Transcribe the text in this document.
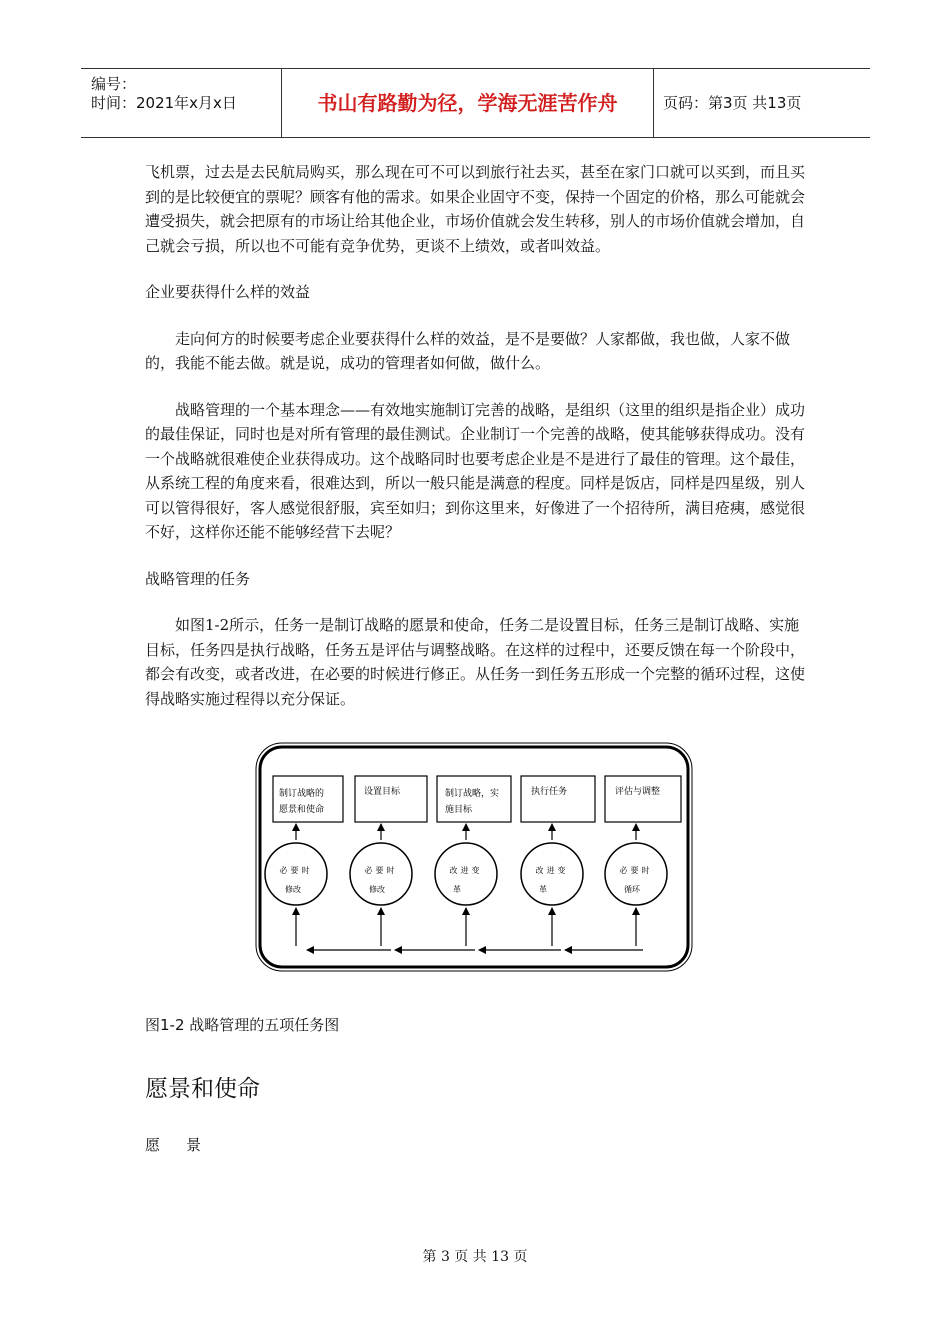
编号：
时间：2021年x月x日	书山有路勤为径，学海无涯苦作舟	页码：第3页 共13页

飞机票，过去是去民航局购买，那么现在可不可以到旅行社去买，甚至在家门口就可以买到，而且买到的是比较便宜的票呢？顾客有他的需求。如果企业固守不变，保持一个固定的价格，那么可能就会遭受损失，就会把原有的市场让给其他企业，市场价值就会发生转移，别人的市场价值就会增加，自己就会亏损，所以也不可能有竞争优势，更谈不上绩效，或者叫效益。

企业要获得什么样的效益

走向何方的时候要考虑企业要获得什么样的效益，是不是要做？人家都做，我也做，人家不做的，我能不能去做。就是说，成功的管理者如何做，做什么。

战略管理的一个基本理念——有效地实施制订完善的战略，是组织（这里的组织是指企业）成功的最佳保证，同时也是对所有管理的最佳测试。企业制订一个完善的战略，使其能够获得成功。没有一个战略就很难使企业获得成功。这个战略同时也要考虑企业是不是进行了最佳的管理。这个最佳，从系统工程的角度来看，很难达到，所以一般只能是满意的程度。同样是饭店，同样是四星级，别人可以管得很好，客人感觉很舒服，宾至如归；到你这里来，好像进了一个招待所，满目疮痍，感觉很不好，这样你还能不能够经营下去呢？

战略管理的任务

如图1-2所示，任务一是制订战略的愿景和使命，任务二是设置目标，任务三是制订战略、实施目标，任务四是执行战略，任务五是评估与调整战略。在这样的过程中，还要反馈在每一个阶段中，都会有改变，或者改进，在必要的时候进行修正。从任务一到任务五形成一个完整的循环过程，这使得战略实施过程得以充分保证。

制订战略的
愿景和使命
设置目标	制订战略，实
施目标
执行任务	评估与调整
必要时
修改
必要时
修改
改进变
革
改进变
革
必要时
循环
图1-2 战略管理的五项任务图
愿景和使命
愿景
第 3 页 共 13 页
